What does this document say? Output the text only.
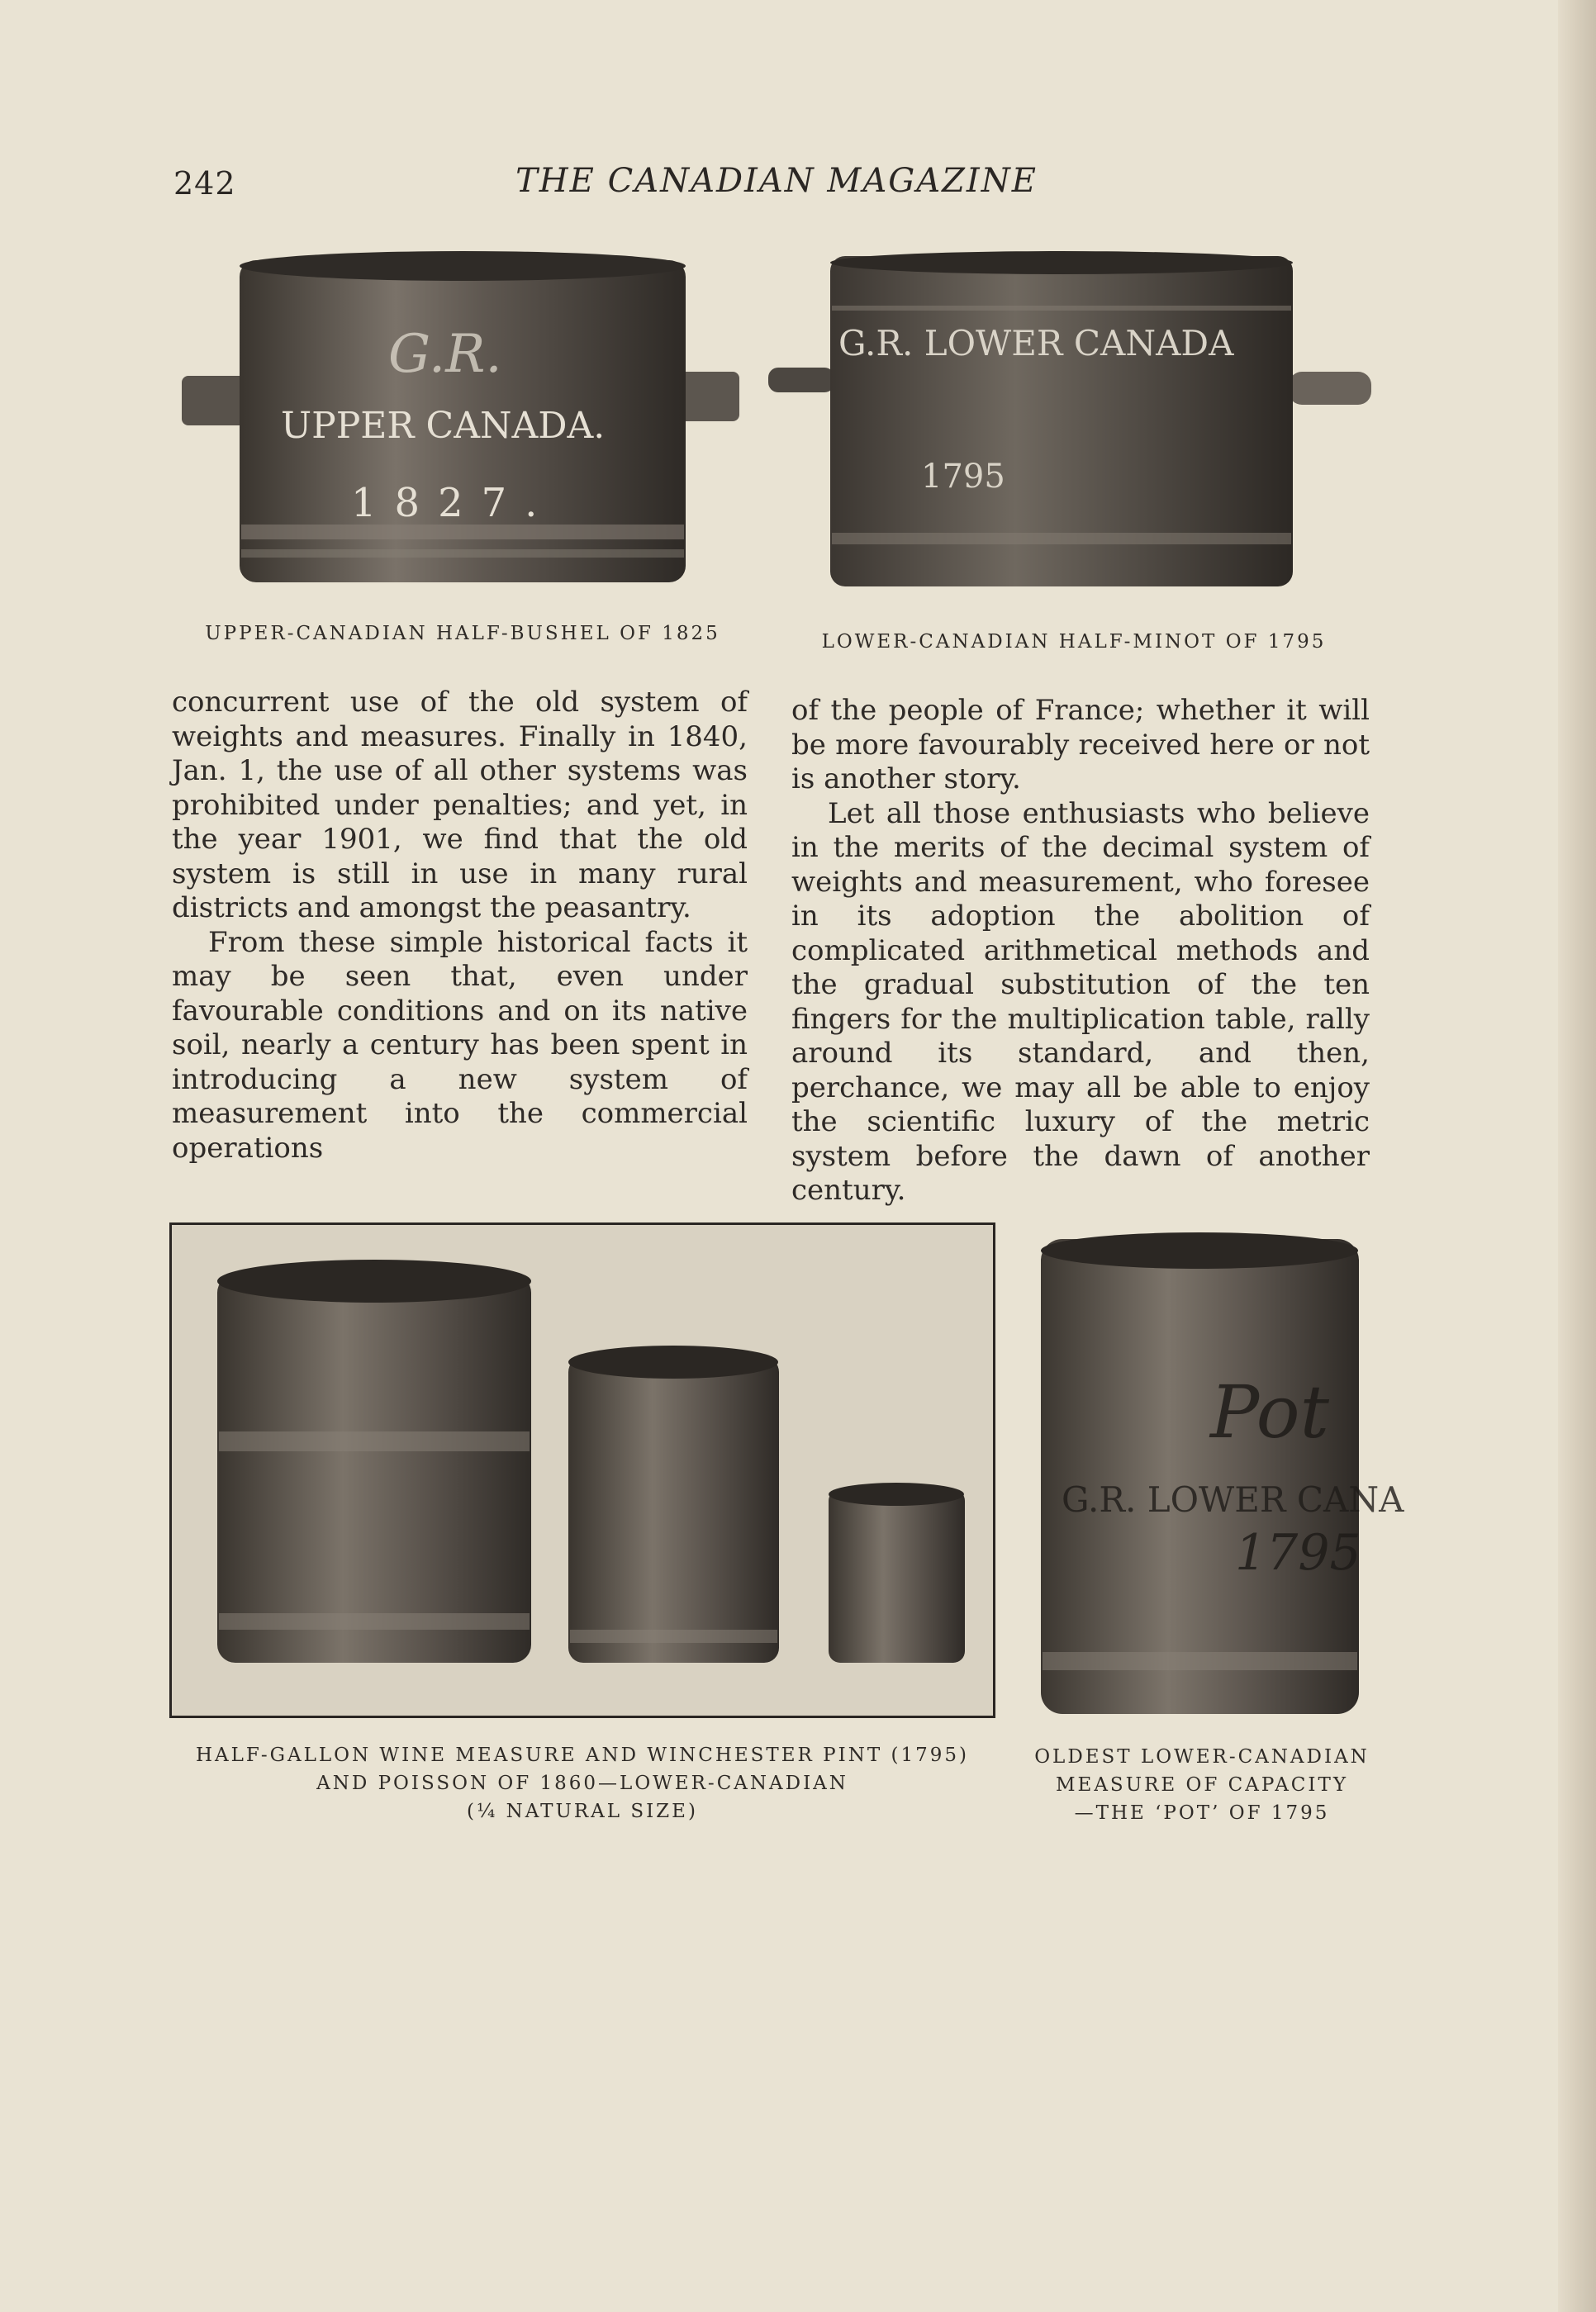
242	THE CANADIAN MAGAZINE
G.R.
UPPER CANADA.
1827.
G.R. LOWER CANADA
1795
UPPER-CANADIAN HALF-BUSHEL OF 1825	LOWER-CANADIAN HALF-MINOT OF 1795

concurrent use of the old system of weights and measures. Finally in 1840, Jan. 1, the use of all other systems was prohibited under penalties; and yet, in the year 1901, we find that the old system is still in use in many rural districts and amongst the peasantry.

From these simple historical facts it may be seen that, even under favourable conditions and on its native soil, nearly a century has been spent in introducing a new system of measurement into the commercial operations

of the people of France; whether it will be more favourably received here or not is another story.

Let all those enthusiasts who believe in the merits of the decimal system of weights and measurement, who foresee in its adoption the abolition of complicated arithmetical methods and the gradual substitution of the ten fingers for the multiplication table, rally around its standard, and then, perchance, we may all be able to enjoy the scientific luxury of the metric system before the dawn of another century.

Pot
G.R. LOWER CANA
1795
HALF-GALLON WINE MEASURE AND WINCHESTER PINT (1795)
AND POISSON OF 1860—LOWER-CANADIAN
(¼ NATURAL SIZE)
OLDEST LOWER-CANADIAN
MEASURE OF CAPACITY
—THE ‘POT’ OF 1795
